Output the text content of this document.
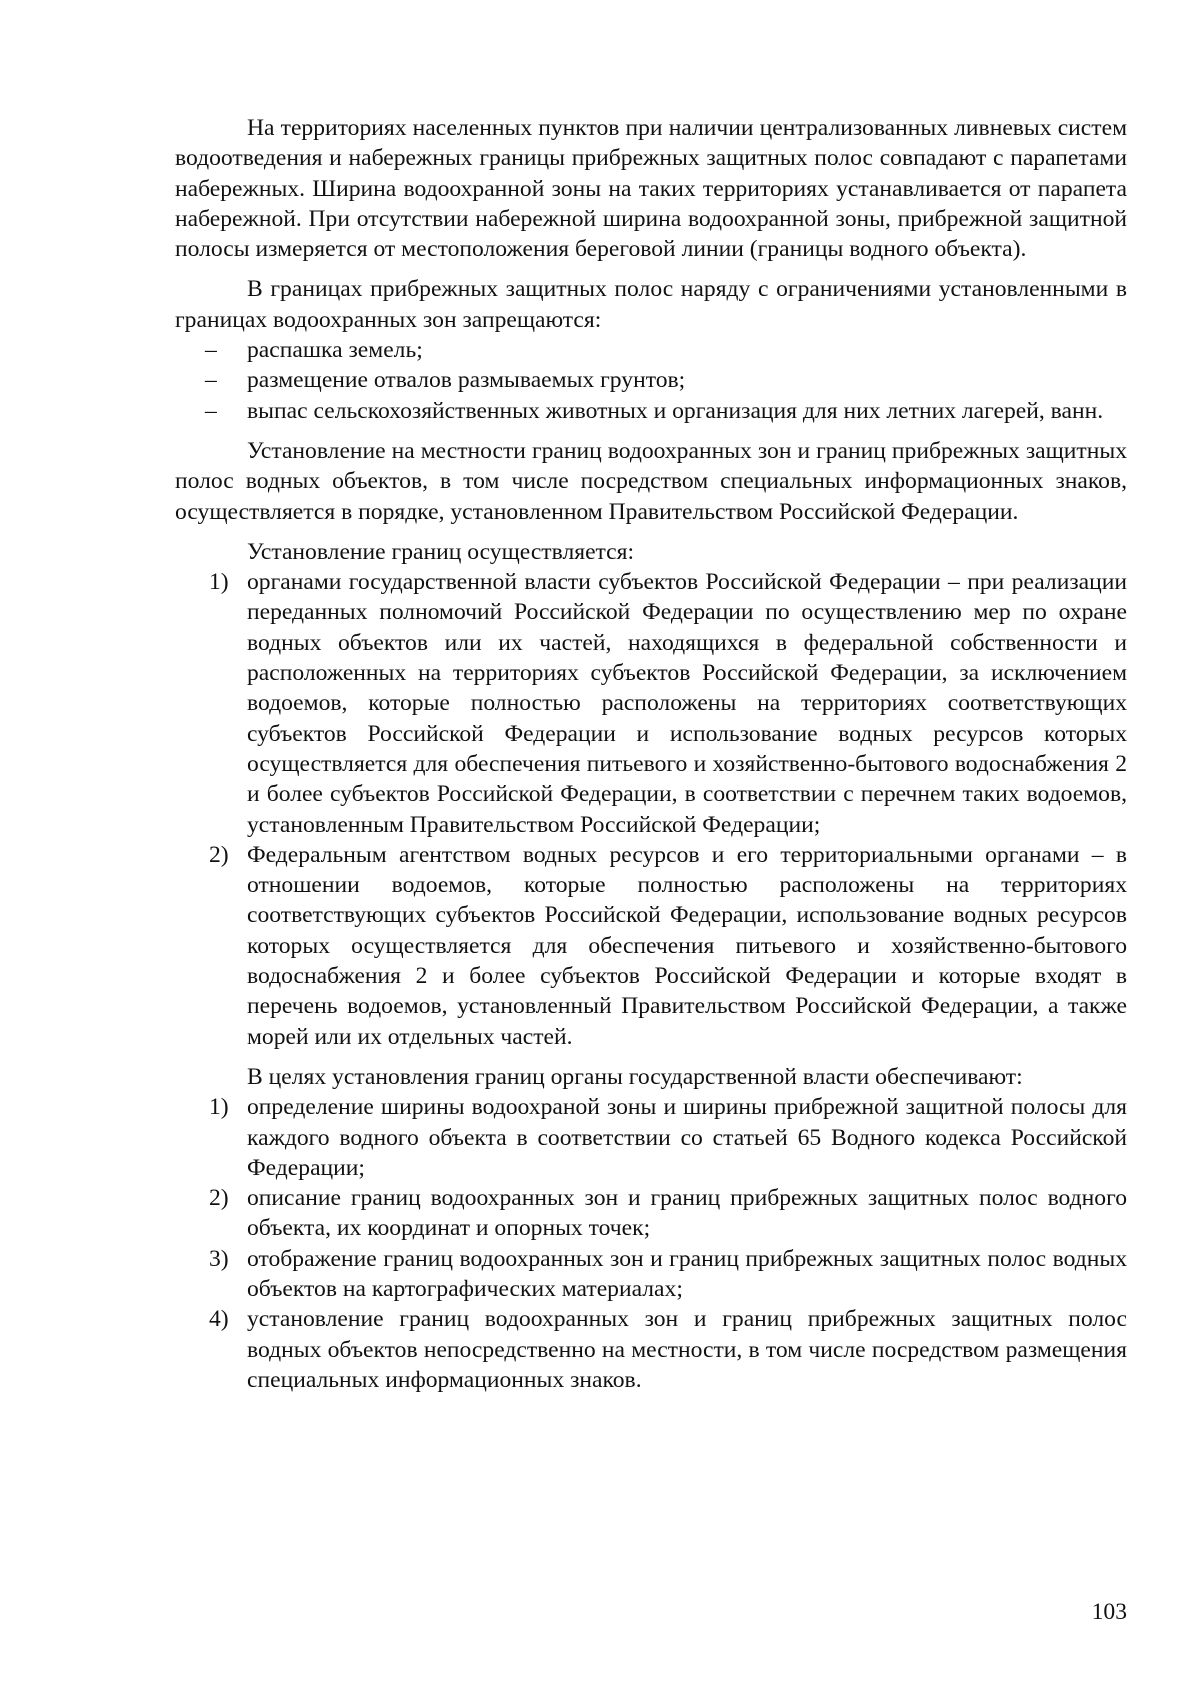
На территориях населенных пунктов при наличии централизованных ливневых систем водоотведения и набережных границы прибрежных защитных полос совпадают с парапетами набережных. Ширина водоохранной зоны на таких территориях устанавливается от парапета набережной. При отсутствии набережной ширина водоохранной зоны, прибрежной защитной полосы измеряется от местоположения береговой линии (границы водного объекта).

В границах прибрежных защитных полос наряду с ограничениями установленными в границах водоохранных зон запрещаются:

– распашка земель;
– размещение отвалов размываемых грунтов;
– выпас сельскохозяйственных животных и организация для них летних лагерей, ванн.

Установление на местности границ водоохранных зон и границ прибрежных защитных полос водных объектов, в том числе посредством специальных информационных знаков, осуществляется в порядке, установленном Правительством Российской Федерации.

Установление границ осуществляется:

1) органами государственной власти субъектов Российской Федерации – при реализации переданных полномочий Российской Федерации по осуществлению мер по охране водных объектов или их частей, находящихся в федеральной собственности и расположенных на территориях субъектов Российской Федерации, за исключением водоемов, которые полностью расположены на территориях соответствующих субъектов Российской Федерации и использование водных ресурсов которых осуществляется для обеспечения питьевого и хозяйственно-бытового водоснабжения 2 и более субъектов Российской Федерации, в соответствии с перечнем таких водоемов, установленным Правительством Российской Федерации;
2) Федеральным агентством водных ресурсов и его территориальными органами – в отношении водоемов, которые полностью расположены на территориях соответствующих субъектов Российской Федерации, использование водных ресурсов которых осуществляется для обеспечения питьевого и хозяйственно-бытового водоснабжения 2 и более субъектов Российской Федерации и которые входят в перечень водоемов, установленный Правительством Российской Федерации, а также морей или их отдельных частей.

В целях установления границ органы государственной власти обеспечивают:

1) определение ширины водоохраной зоны и ширины прибрежной защитной полосы для каждого водного объекта в соответствии со статьей 65 Водного кодекса Российской Федерации;
2) описание границ водоохранных зон и границ прибрежных защитных полос водного объекта, их координат и опорных точек;
3) отображение границ водоохранных зон и границ прибрежных защитных полос водных объектов на картографических материалах;
4) установление границ водоохранных зон и границ прибрежных защитных полос водных объектов непосредственно на местности, в том числе посредством размещения специальных информационных знаков.
103
